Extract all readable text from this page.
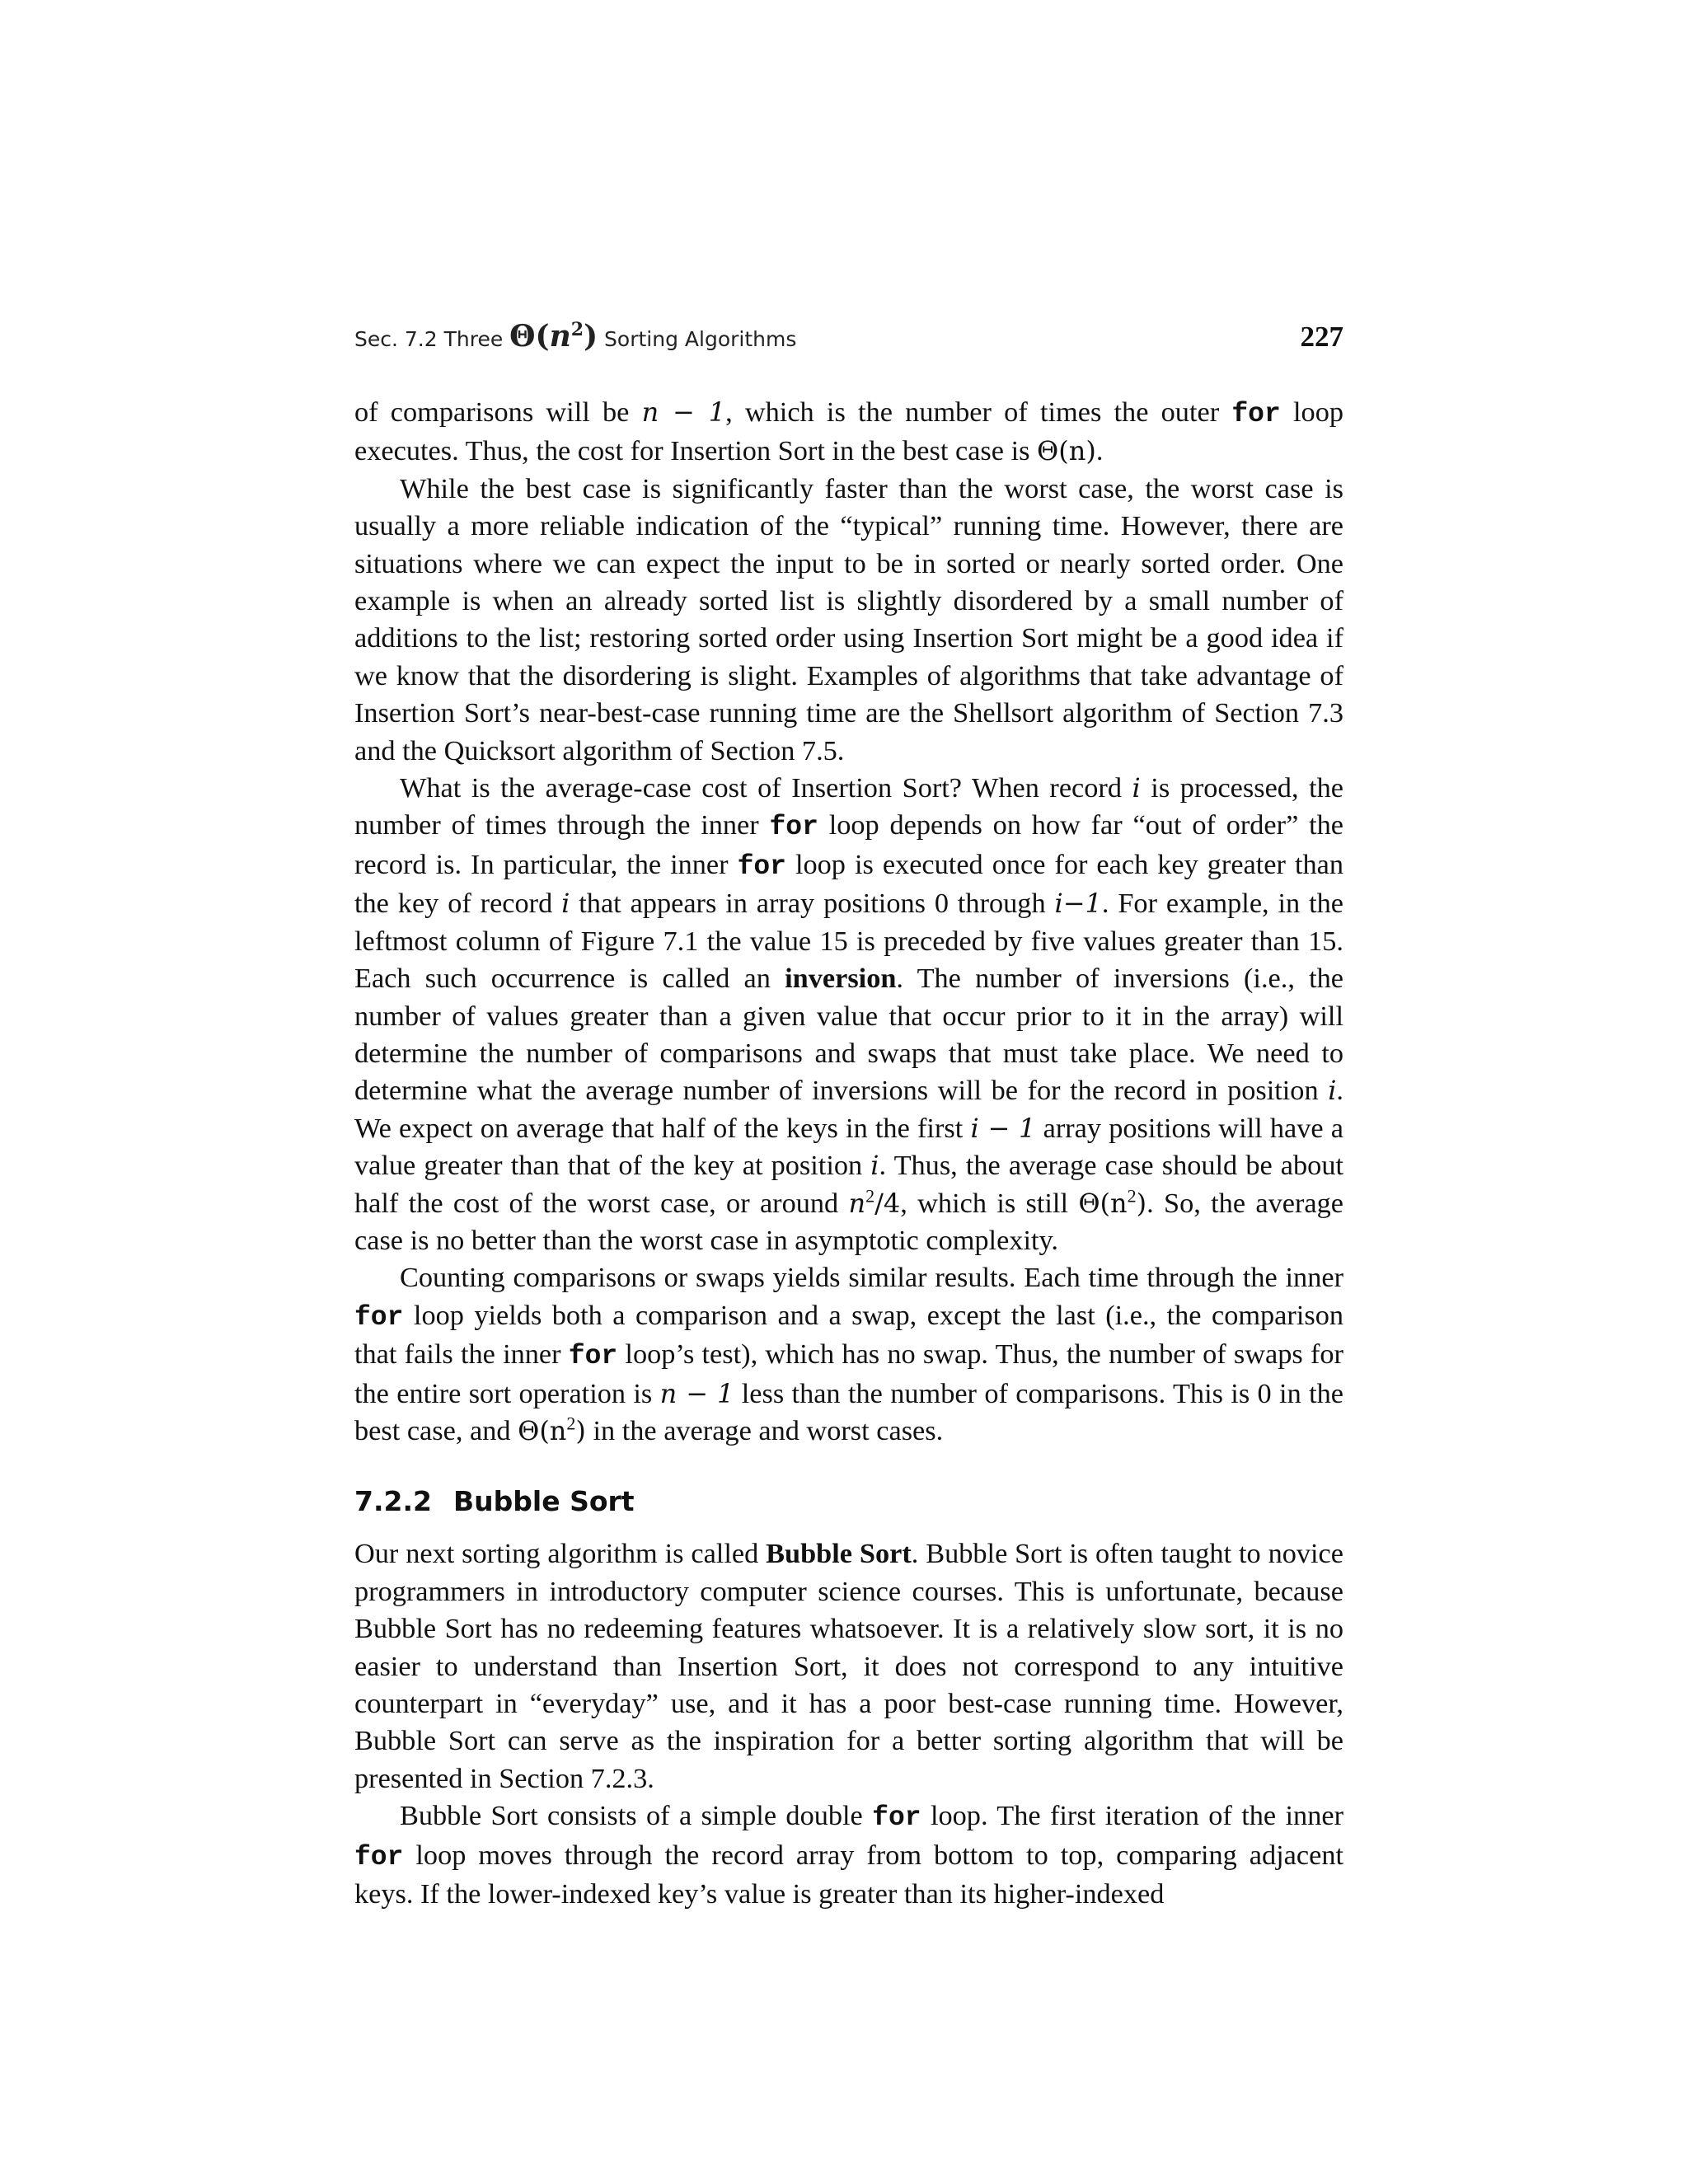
Sec. 7.2 Three $\Theta(n^2)$ Sorting Algorithms	227

of comparisons will be n − 1, which is the number of times the outer for loop executes. Thus, the cost for Insertion Sort in the best case is Θ(n).

While the best case is significantly faster than the worst case, the worst case is usually a more reliable indication of the “typical” running time. However, there are situations where we can expect the input to be in sorted or nearly sorted order. One example is when an already sorted list is slightly disordered by a small number of additions to the list; restoring sorted order using Insertion Sort might be a good idea if we know that the disordering is slight. Examples of algorithms that take advantage of Insertion Sort’s near-best-case running time are the Shellsort algorithm of Section 7.3 and the Quicksort algorithm of Section 7.5.

What is the average-case cost of Insertion Sort? When record i is processed, the number of times through the inner for loop depends on how far “out of order” the record is. In particular, the inner for loop is executed once for each key greater than the key of record i that appears in array positions 0 through i−1. For example, in the leftmost column of Figure 7.1 the value 15 is preceded by five values greater than 15. Each such occurrence is called an inversion. The number of inversions (i.e., the number of values greater than a given value that occur prior to it in the array) will determine the number of comparisons and swaps that must take place. We need to determine what the average number of inversions will be for the record in position i. We expect on average that half of the keys in the first i − 1 array positions will have a value greater than that of the key at position i. Thus, the average case should be about half the cost of the worst case, or around $n^2/4$, which is still $\Theta(n^2)$. So, the average case is no better than the worst case in asymptotic complexity.

Counting comparisons or swaps yields similar results. Each time through the inner for loop yields both a comparison and a swap, except the last (i.e., the comparison that fails the inner for loop’s test), which has no swap. Thus, the number of swaps for the entire sort operation is n − 1 less than the number of comparisons. This is 0 in the best case, and $\Theta(n^2)$ in the average and worst cases.

7.2.2 Bubble Sort

Our next sorting algorithm is called Bubble Sort. Bubble Sort is often taught to novice programmers in introductory computer science courses. This is unfortunate, because Bubble Sort has no redeeming features whatsoever. It is a relatively slow sort, it is no easier to understand than Insertion Sort, it does not correspond to any intuitive counterpart in “everyday” use, and it has a poor best-case running time. However, Bubble Sort can serve as the inspiration for a better sorting algorithm that will be presented in Section 7.2.3.

Bubble Sort consists of a simple double for loop. The first iteration of the inner for loop moves through the record array from bottom to top, comparing adjacent keys. If the lower-indexed key’s value is greater than its higher-indexed
